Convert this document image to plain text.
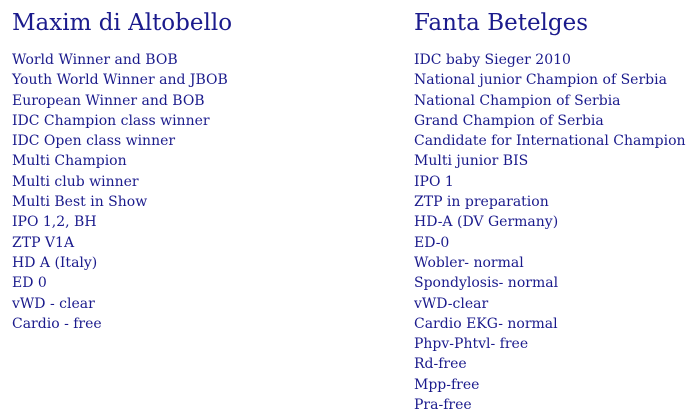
Maxim di Altobello
World Winner and BOB
Youth World Winner and JBOB
European Winner and BOB
IDC Champion class winner
IDC Open class winner
Multi Champion
Multi club winner
Multi Best in Show
IPO 1,2, BH
ZTP V1A
HD A (Italy)
ED 0
vWD - clear
Cardio - free
Fanta Betelges
IDC baby Sieger 2010
National junior Champion of Serbia
National Champion of Serbia
Grand Champion of Serbia
Candidate for International Champion
Multi junior BIS
IPO 1
ZTP in preparation
HD-A (DV Germany)
ED-0
Wobler- normal
Spondylosis- normal
vWD-clear
Cardio EKG- normal
Phpv-Phtvl- free
Rd-free
Mpp-free
Pra-free
